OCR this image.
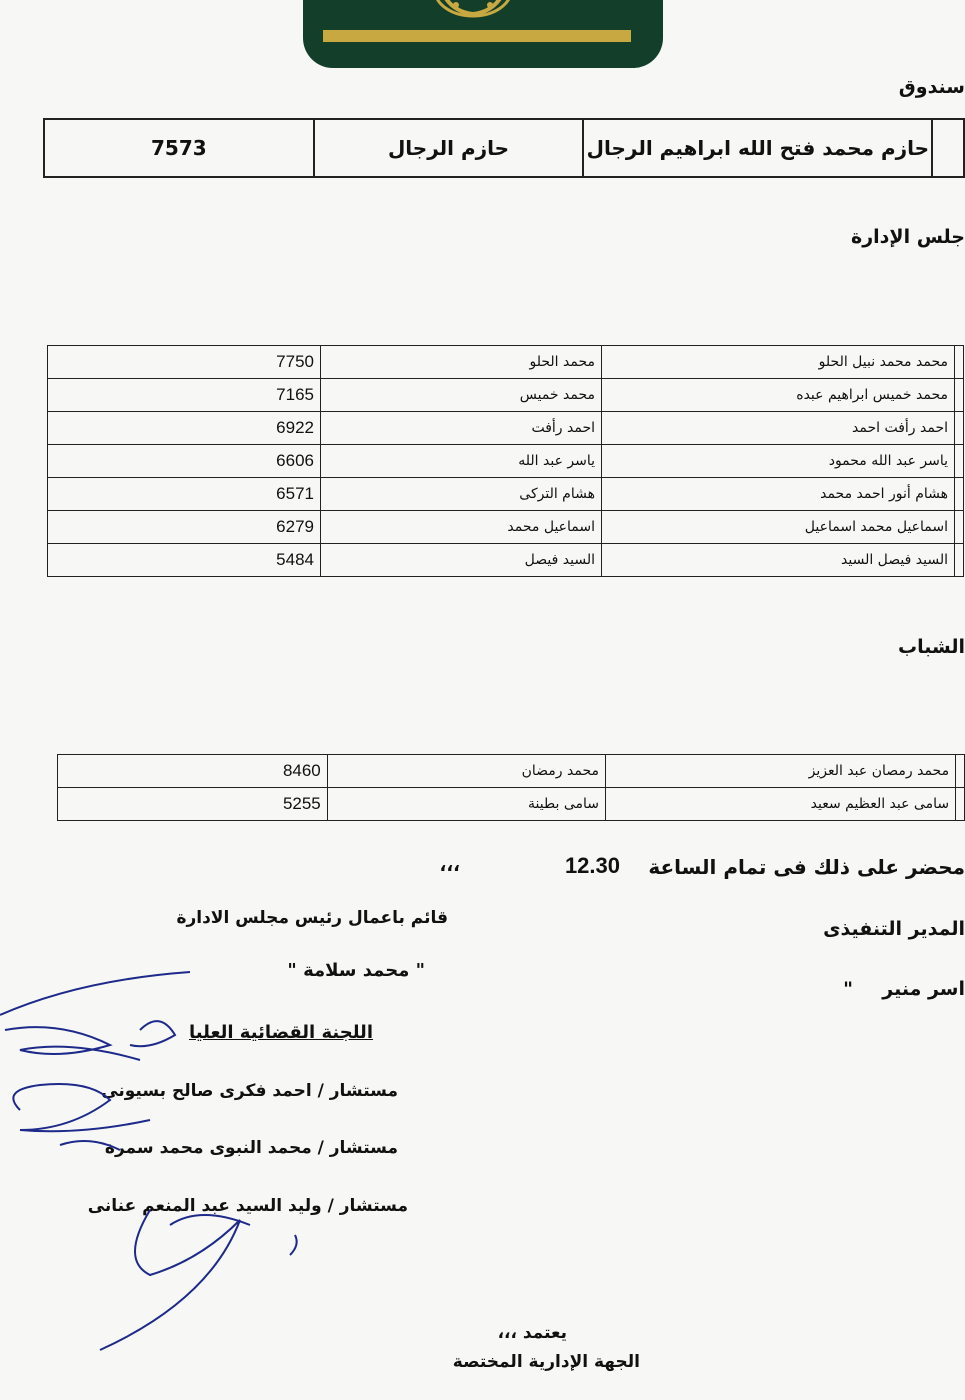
سندوق
7573	حازم الرجال	حازم محمد فتح الله ابراهيم الرجال	
جلس الإدارة
7750	محمد الحلو	محمد محمد نبيل الحلو	
7165	محمد خميس	محمد خميس ابراهيم عبده	
6922	احمد رأفت	احمد رأفت احمد	
6606	ياسر عبد الله	ياسر عبد الله محمود	
6571	هشام التركى	هشام أنور احمد محمد	
6279	اسماعيل محمد	اسماعيل محمد اسماعيل	
5484	السيد فيصل	السيد فيصل السيد	
الشباب
8460	محمد رمضان	محمد رمصان عبد العزيز	
5255	سامى بطينة	سامى عبد العظيم سعيد	
محضر على ذلك فى تمام الساعة
12.30
،،،
المدير التنفيذى
اسر منير
"
قائم باعمال رئيس مجلس الادارة
" محمد سلامة "
اللجنة القضائية العليا
مستشار / احمد فكرى صالح بسيونى
مستشار / محمد النبوى محمد سمرة
مستشار / وليد السيد عبد المنعم عنانى
يعتمد ،،،
الجهة الإدارية المختصة
